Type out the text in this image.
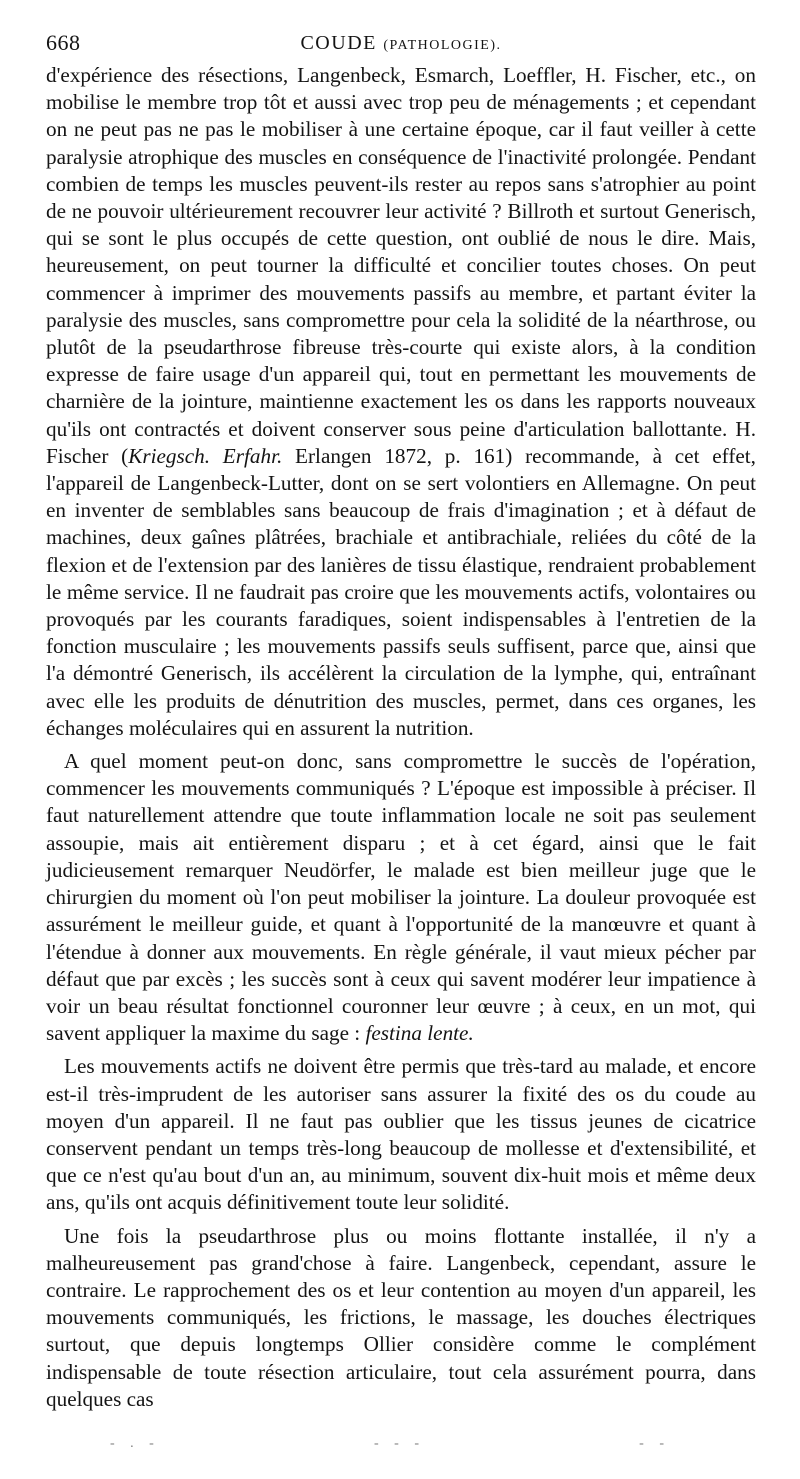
668	COUDE (PATHOLOGIE).

d'expérience des résections, Langenbeck, Esmarch, Loeffler, H. Fischer, etc., on mobilise le membre trop tôt et aussi avec trop peu de ménagements ; et cependant on ne peut pas ne pas le mobiliser à une certaine époque, car il faut veiller à cette paralysie atrophique des muscles en conséquence de l'inactivité prolongée. Pendant combien de temps les muscles peuvent-ils rester au repos sans s'atrophier au point de ne pouvoir ultérieurement recouvrer leur activité ? Billroth et surtout Generisch, qui se sont le plus occupés de cette question, ont oublié de nous le dire. Mais, heureusement, on peut tourner la difficulté et concilier toutes choses. On peut commencer à imprimer des mouvements passifs au membre, et partant éviter la paralysie des muscles, sans compromettre pour cela la solidité de la néarthrose, ou plutôt de la pseudarthrose fibreuse très-courte qui existe alors, à la condition expresse de faire usage d'un appareil qui, tout en permettant les mouvements de charnière de la jointure, maintienne exactement les os dans les rapports nouveaux qu'ils ont contractés et doivent conserver sous peine d'articulation ballottante. H. Fischer (Kriegsch. Erfahr. Erlangen 1872, p. 161) recommande, à cet effet, l'appareil de Langenbeck-Lutter, dont on se sert volontiers en Allemagne. On peut en inventer de semblables sans beaucoup de frais d'imagination ; et à défaut de machines, deux gaînes plâtrées, brachiale et antibrachiale, reliées du côté de la flexion et de l'extension par des lanières de tissu élastique, rendraient probablement le même service. Il ne faudrait pas croire que les mouvements actifs, volontaires ou provoqués par les courants faradiques, soient indispensables à l'entretien de la fonction musculaire ; les mouvements passifs seuls suffisent, parce que, ainsi que l'a démontré Generisch, ils accélèrent la circulation de la lymphe, qui, entraînant avec elle les produits de dénutrition des muscles, permet, dans ces organes, les échanges moléculaires qui en assurent la nutrition.

A quel moment peut-on donc, sans compromettre le succès de l'opération, commencer les mouvements communiqués ? L'époque est impossible à préciser. Il faut naturellement attendre que toute inflammation locale ne soit pas seulement assoupie, mais ait entièrement disparu ; et à cet égard, ainsi que le fait judicieusement remarquer Neudörfer, le malade est bien meilleur juge que le chirurgien du moment où l'on peut mobiliser la jointure. La douleur provoquée est assurément le meilleur guide, et quant à l'opportunité de la manœuvre et quant à l'étendue à donner aux mouvements. En règle générale, il vaut mieux pécher par défaut que par excès ; les succès sont à ceux qui savent modérer leur impatience à voir un beau résultat fonctionnel couronner leur œuvre ; à ceux, en un mot, qui savent appliquer la maxime du sage : festina lente.

Les mouvements actifs ne doivent être permis que très-tard au malade, et encore est-il très-imprudent de les autoriser sans assurer la fixité des os du coude au moyen d'un appareil. Il ne faut pas oublier que les tissus jeunes de cicatrice conservent pendant un temps très-long beaucoup de mollesse et d'extensibilité, et que ce n'est qu'au bout d'un an, au minimum, souvent dix-huit mois et même deux ans, qu'ils ont acquis définitivement toute leur solidité.

Une fois la pseudarthrose plus ou moins flottante installée, il n'y a malheureusement pas grand'chose à faire. Langenbeck, cependant, assure le contraire. Le rapprochement des os et leur contention au moyen d'un appareil, les mouvements communiqués, les frictions, le massage, les douches électriques surtout, que depuis longtemps Ollier considère comme le complément indispensable de toute résection articulaire, tout cela assurément pourra, dans quelques cas

- . -	- - -	- -
